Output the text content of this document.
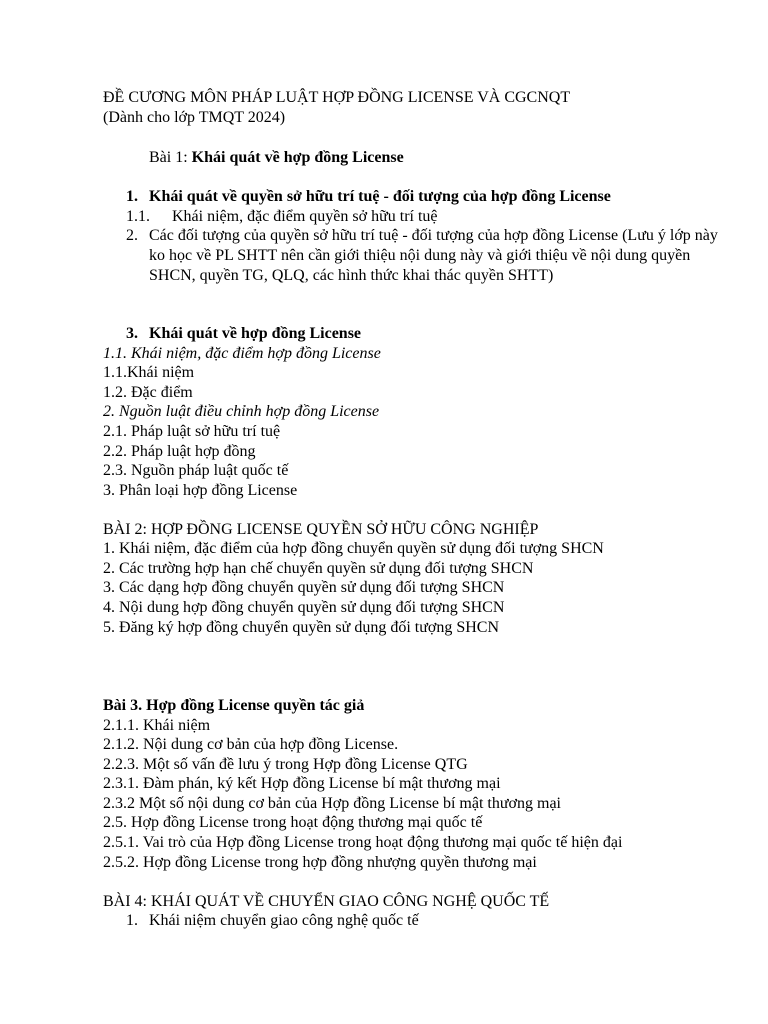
ĐỀ CƯƠNG MÔN PHÁP LUẬT HỢP ĐỒNG LICENSE VÀ CGCNQT
(Dành cho lớp TMQT 2024)
Bài 1: Khái quát về hợp đồng License
1. Khái quát về quyền sở hữu trí tuệ - đối tượng của hợp đồng License
1.1. Khái niệm, đặc điểm quyền sở hữu trí tuệ
2. Các đối tượng của quyền sở hữu trí tuệ - đối tượng của hợp đồng License (Lưu ý lớp này ko học về PL SHTT nên cần giới thiệu nội dung này và giới thiệu về nội dung quyền SHCN, quyền TG, QLQ, các hình thức khai thác quyền SHTT)
3. Khái quát về hợp đồng License
1.1. Khái niệm, đặc điểm hợp đồng License
1.1.Khái niệm
1.2. Đặc điểm
2. Nguồn luật điều chỉnh hợp đồng License
2.1. Pháp luật sở hữu trí tuệ
2.2. Pháp luật hợp đồng
2.3. Nguồn pháp luật quốc tế
3. Phân loại hợp đồng License
BÀI 2: HỢP ĐỒNG LICENSE QUYỀN SỞ HỮU CÔNG NGHIỆP
1. Khái niệm, đặc điểm của hợp đồng chuyển quyền sử dụng đối tượng SHCN
2. Các trường hợp hạn chế chuyển quyền sử dụng đối tượng SHCN
3. Các dạng hợp đồng chuyển quyền sử dụng đối tượng SHCN
4. Nội dung hợp đồng chuyển quyền sử dụng đối tượng SHCN
5. Đăng ký hợp đồng chuyển quyền sử dụng đối tượng SHCN
Bài 3. Hợp đồng License quyền tác giả
2.1.1. Khái niệm
2.1.2. Nội dung cơ bản của hợp đồng License.
2.2.3. Một số vấn đề lưu ý trong Hợp đồng License QTG
2.3.1. Đàm phán, ký kết Hợp đồng License bí mật thương mại
2.3.2 Một số nội dung cơ bản của Hợp đồng License bí mật thương mại
2.5. Hợp đồng License trong hoạt động thương mại quốc tế
2.5.1. Vai trò của Hợp đồng License trong hoạt động thương mại quốc tế hiện đại
2.5.2. Hợp đồng License trong hợp đồng nhượng quyền thương mại
BÀI 4: KHÁI QUÁT VỀ CHUYỂN GIAO CÔNG NGHỆ QUỐC TẾ
1. Khái niệm chuyển giao công nghệ quốc tế
